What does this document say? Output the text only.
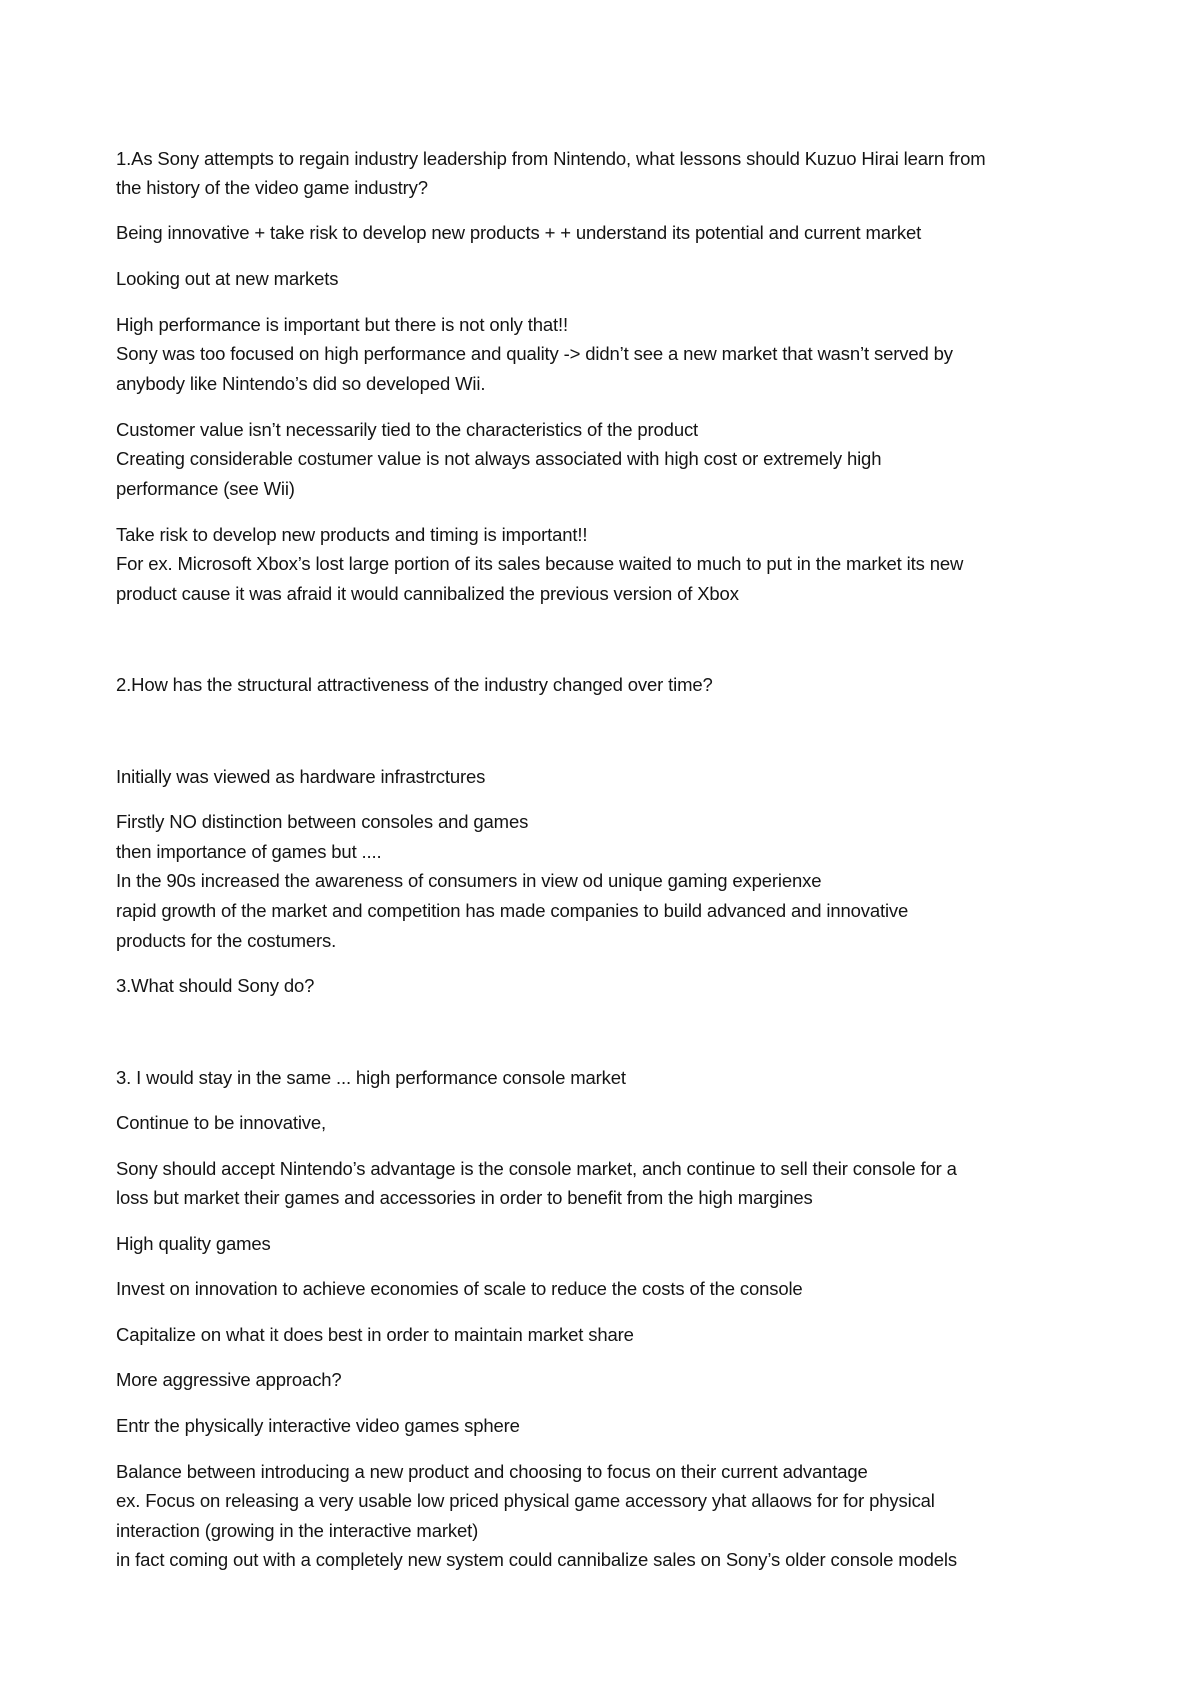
1.As Sony attempts to regain industry leadership from Nintendo, what lessons should Kuzuo Hirai learn from
the history of the video game industry?
Being innovative + take risk to develop new products + + understand its potential and current market
Looking out at new markets
High performance is important but there is not only that!!
Sony was too focused on high performance and quality -> didn’t see a new market that wasn’t served by
anybody like Nintendo’s did so developed Wii.
Customer value isn’t necessarily tied to the characteristics of the product
Creating considerable costumer value is not always associated with high cost or extremely high
performance (see Wii)
Take risk to develop new products and timing is important!!
For ex. Microsoft Xbox’s lost large portion of its sales because waited to much to put in the market its new
product cause it was afraid it would cannibalized the previous version of Xbox
2.How has the structural attractiveness of the industry changed over time?
Initially was viewed as hardware infrastrctures
Firstly NO distinction between consoles and games
then importance of games but ....
In the 90s increased the awareness of consumers in view od unique gaming experienxe
rapid growth of the market and competition has made companies to build advanced and innovative
products for the costumers.
3.What should Sony do?
3. I would stay in the same ... high performance console market
Continue to be innovative,
Sony should accept Nintendo’s advantage is the console market, anch continue to sell their console for a
loss but market their games and accessories in order to benefit from the high margines
High quality games
Invest on innovation to achieve economies of scale to reduce the costs of the console
Capitalize on what it does best in order to maintain market share
More aggressive approach?
Entr the physically interactive video games sphere
Balance between introducing a new product and choosing to focus on their current advantage
ex. Focus on releasing a very usable low priced physical game accessory yhat allaows for for physical
interaction (growing in the interactive market)
in fact coming out with a completely new system could cannibalize sales on Sony’s older console models
